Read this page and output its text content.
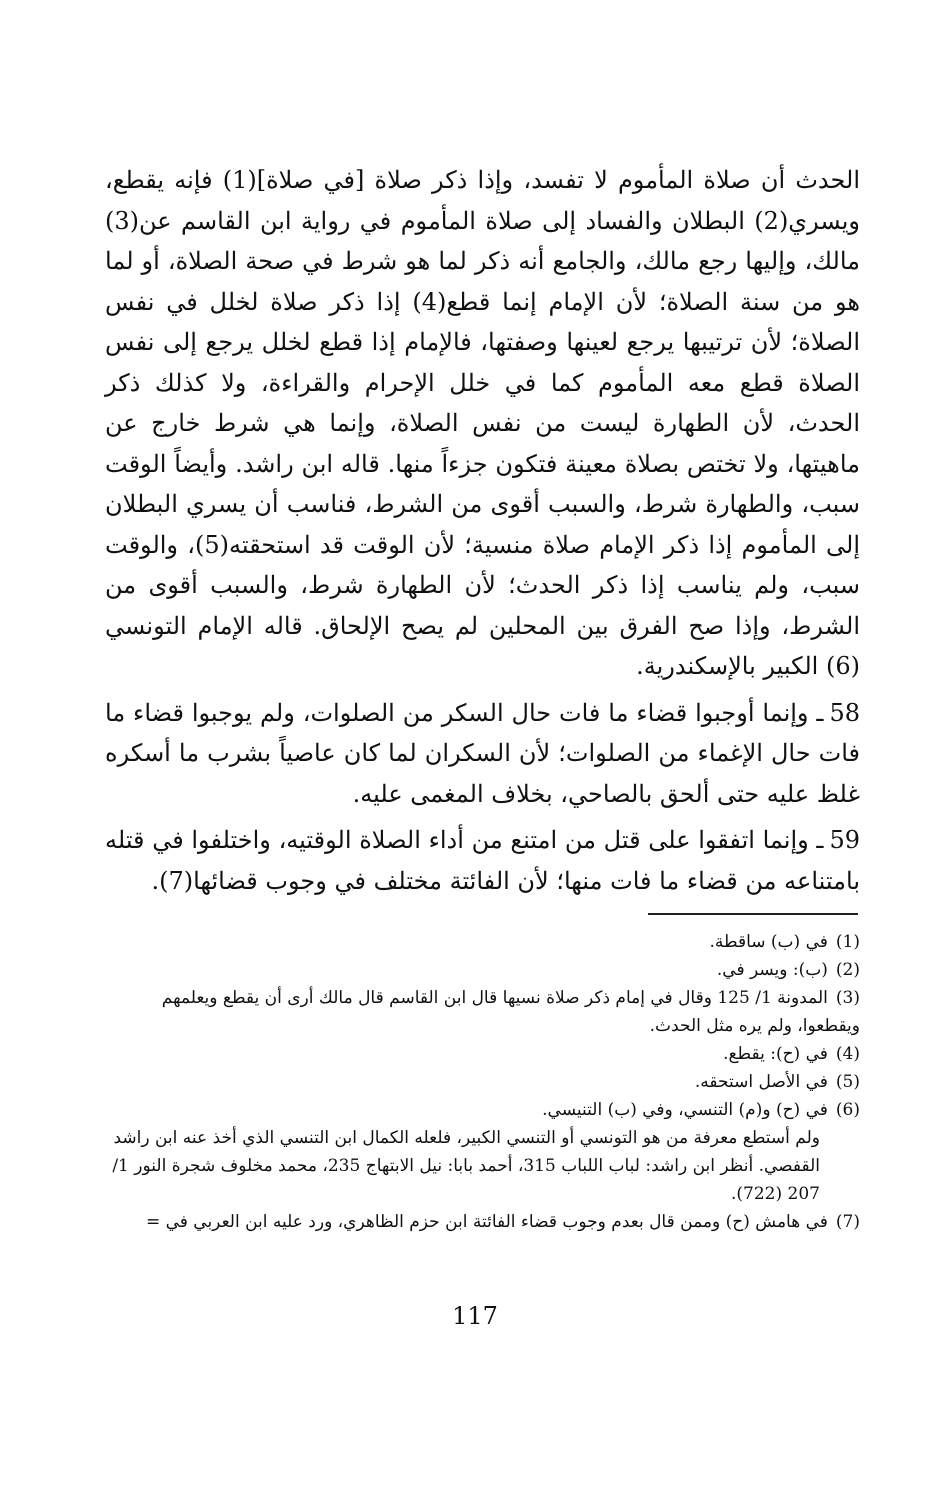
الحدث أن صلاة المأموم لا تفسد، وإذا ذكر صلاة [في صلاة](1) فإنه يقطع، ويسري(2) البطلان والفساد إلى صلاة المأموم في رواية ابن القاسم عن(3) مالك، وإليها رجع مالك، والجامع أنه ذكر لما هو شرط في صحة الصلاة، أو لما هو من سنة الصلاة؛ لأن الإمام إنما قطع(4) إذا ذكر صلاة لخلل في نفس الصلاة؛ لأن ترتيبها يرجع لعينها وصفتها، فالإمام إذا قطع لخلل يرجع إلى نفس الصلاة قطع معه المأموم كما في خلل الإحرام والقراءة، ولا كذلك ذكر الحدث، لأن الطهارة ليست من نفس الصلاة، وإنما هي شرط خارج عن ماهيتها، ولا تختص بصلاة معينة فتكون جزءاً منها. قاله ابن راشد. وأيضاً الوقت سبب، والطهارة شرط، والسبب أقوى من الشرط، فناسب أن يسري البطلان إلى المأموم إذا ذكر الإمام صلاة منسية؛ لأن الوقت قد استحقته(5)، والوقت سبب، ولم يناسب إذا ذكر الحدث؛ لأن الطهارة شرط، والسبب أقوى من الشرط، وإذا صح الفرق بين المحلين لم يصح الإلحاق. قاله الإمام التونسي (6) الكبير بالإسكندرية.

58ـ وإنما أوجبوا قضاء ما فات حال السكر من الصلوات، ولم يوجبوا قضاء ما فات حال الإغماء من الصلوات؛ لأن السكران لما كان عاصياً بشرب ما أسكره غلظ عليه حتى ألحق بالصاحي، بخلاف المغمى عليه.

59ـ وإنما اتفقوا على قتل من امتنع من أداء الصلاة الوقتيه، واختلفوا في قتله بامتناعه من قضاء ما فات منها؛ لأن الفائتة مختلف في وجوب قضائها(7).

(1)في (ب) ساقطة.

(2)(ب): ويسر في.

(3)المدونة 1/ 125 وقال في إمام ذكر صلاة نسيها قال ابن القاسم قال مالك أرى أن يقطع ويعلمهم ويقطعوا، ولم يره مثل الحدث.

(4)في (ح): يقطع.

(5)في الأصل استحقه.

(6)في (ح) و(م) التنسي، وفي (ب) التنيسي.

ولم أستطع معرفة من هو التونسي أو التنسي الكبير، فلعله الكمال ابن التنسي الذي أخذ عنه ابن راشد القفصي. أنظر ابن راشد: لباب اللباب 315، أحمد بابا: نيل الابتهاج 235، محمد مخلوف شجرة النور 1/ 207 (722).

(7)في هامش (ح) وممن قال بعدم وجوب قضاء الفائتة ابن حزم الظاهري، ورد عليه ابن العربي في =

117
